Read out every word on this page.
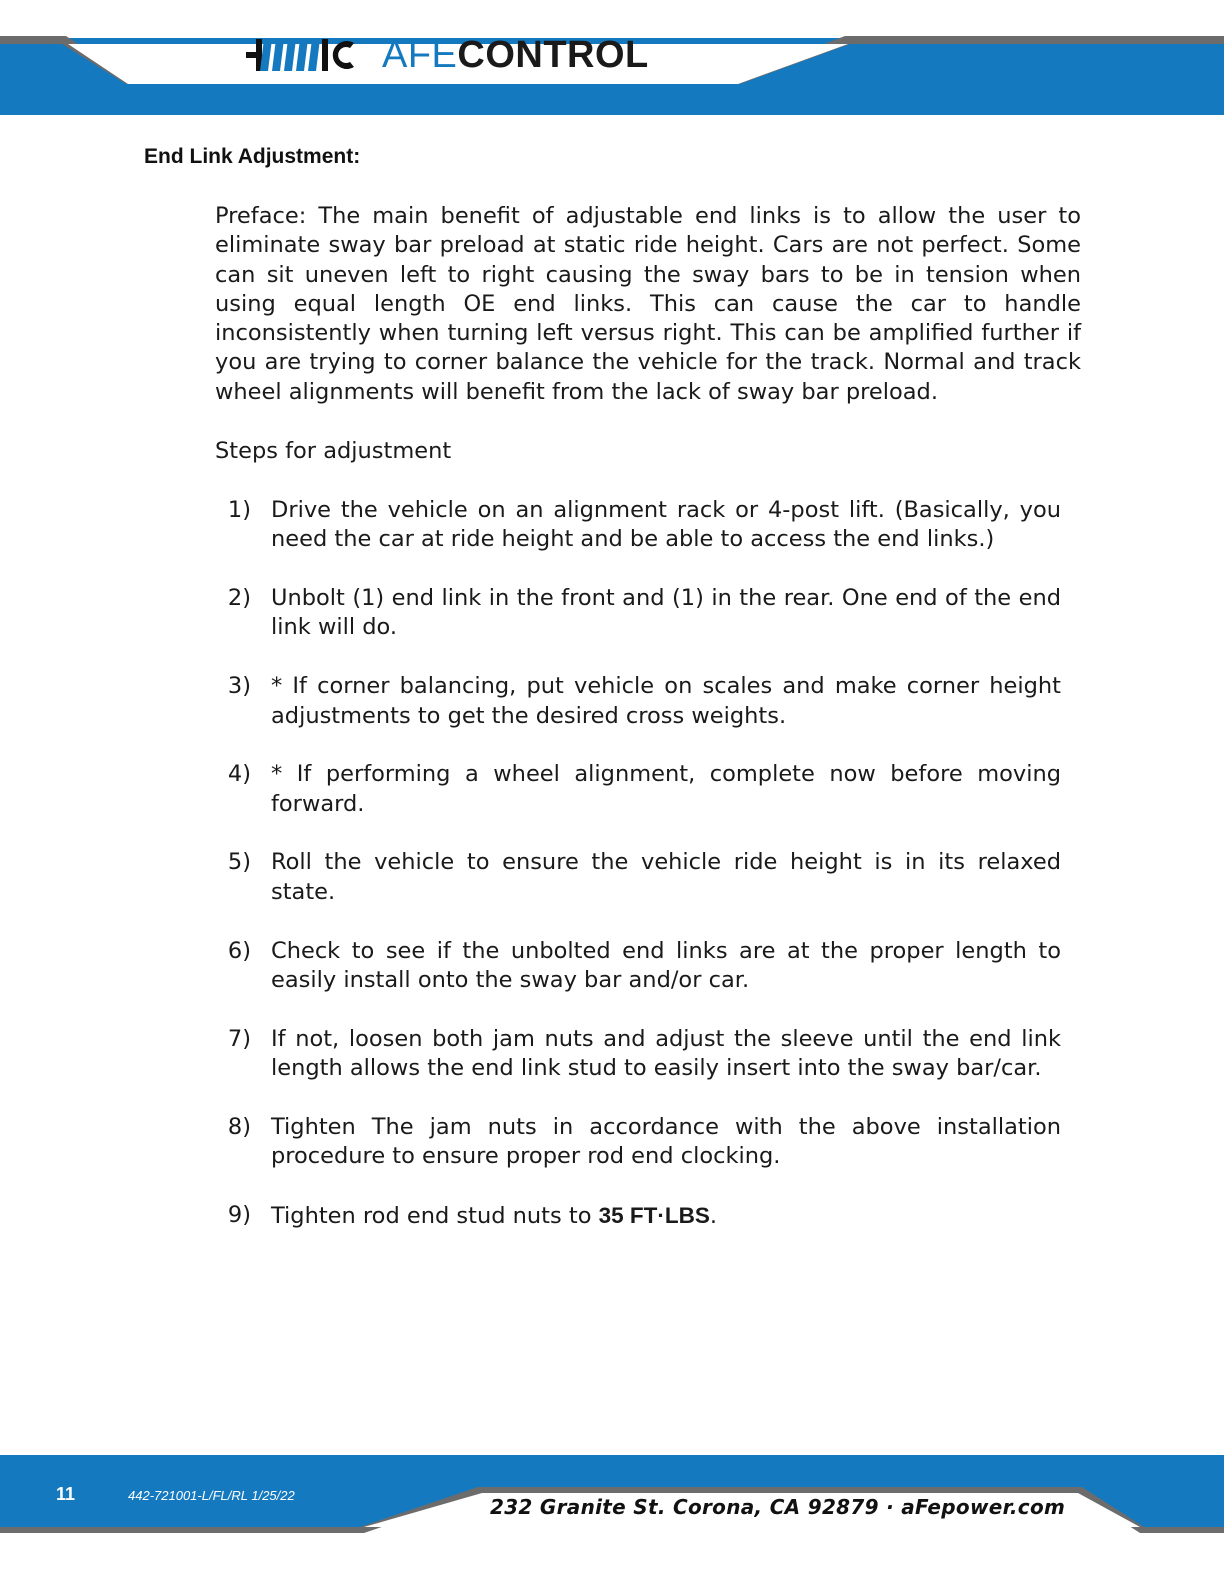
AFECONTROL
End Link Adjustment:

Preface: The main benefit of adjustable end links is to allow the user to eliminate sway bar preload at static ride height. Cars are not perfect. Some can sit uneven left to right causing the sway bars to be in tension when using equal length OE end links. This can cause the car to handle inconsistently when turning left versus right. This can be amplified further if you are trying to corner balance the vehicle for the track. Normal and track wheel alignments will benefit from the lack of sway bar preload.

Steps for adjustment
1) Drive the vehicle on an alignment rack or 4-post lift. (Basically, you need the car at ride height and be able to access the end links.)
2) Unbolt (1) end link in the front and (1) in the rear. One end of the end link will do.
3) * If corner balancing, put vehicle on scales and make corner height adjustments to get the desired cross weights.
4) * If performing a wheel alignment, complete now before moving forward.
5) Roll the vehicle to ensure the vehicle ride height is in its relaxed state.
6) Check to see if the unbolted end links are at the proper length to easily install onto the sway bar and/or car.
7) If not, loosen both jam nuts and adjust the sleeve until the end link length allows the end link stud to easily insert into the sway bar/car.
8) Tighten The jam nuts in accordance with the above installation procedure to ensure proper rod end clocking.
9) Tighten rod end stud nuts to 35 FT·LBS.
11	442-721001-L/FL/RL 1/25/22	232 Granite St. Corona, CA 92879 · aFepower.com
